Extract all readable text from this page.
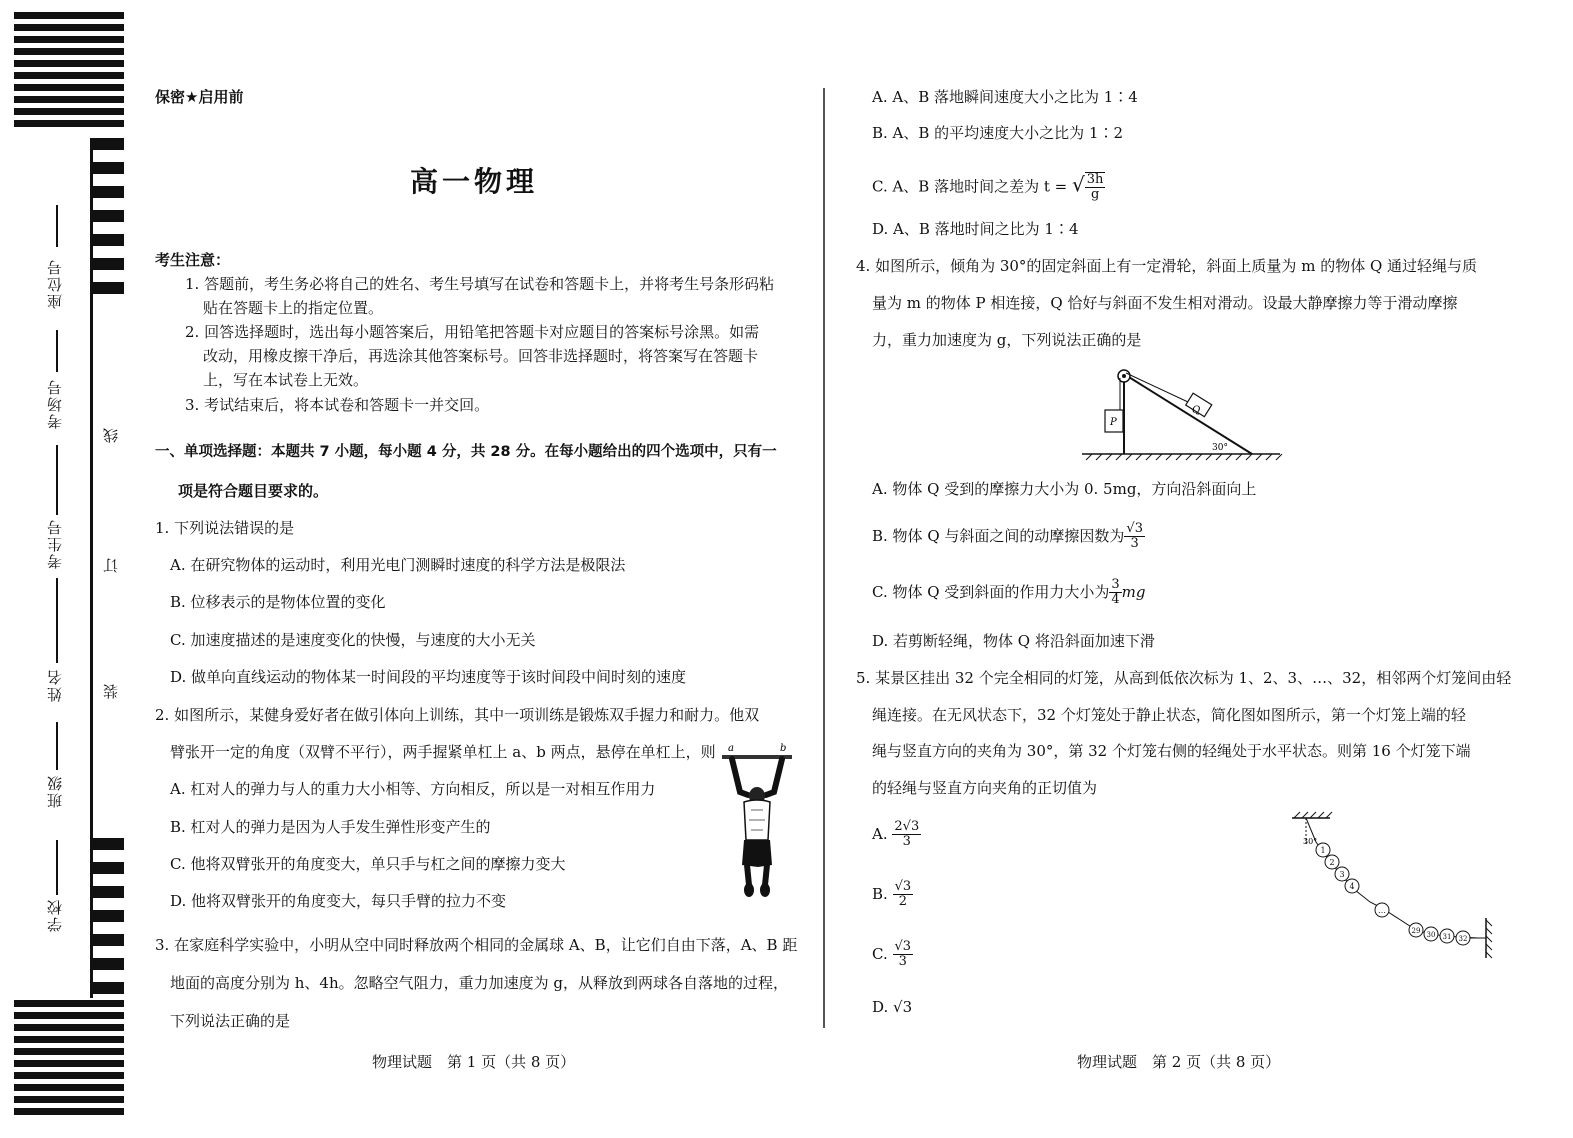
座位号
考场号
考生号
姓名
班级
学校
线
订
装
保密★启用前
高一物理
考生注意：
1. 答题前，考生务必将自己的姓名、考生号填写在试卷和答题卡上，并将考生号条形码粘
贴在答题卡上的指定位置。
2. 回答选择题时，选出每小题答案后，用铅笔把答题卡对应题目的答案标号涂黑。如需
改动，用橡皮擦干净后，再选涂其他答案标号。回答非选择题时，将答案写在答题卡
上，写在本试卷上无效。
3. 考试结束后，将本试卷和答题卡一并交回。
一、单项选择题：本题共 7 小题，每小题 4 分，共 28 分。在每小题给出的四个选项中，只有一
项是符合题目要求的。
1. 下列说法错误的是
A. 在研究物体的运动时，利用光电门测瞬时速度的科学方法是极限法
B. 位移表示的是物体位置的变化
C. 加速度描述的是速度变化的快慢，与速度的大小无关
D. 做单向直线运动的物体某一时间段的平均速度等于该时间段中间时刻的速度
2. 如图所示，某健身爱好者在做引体向上训练，其中一项训练是锻炼双手握力和耐力。他双
臂张开一定的角度（双臂不平行），两手握紧单杠上 a、b 两点，悬停在单杠上，则
A. 杠对人的弹力与人的重力大小相等、方向相反，所以是一对相互作用力
B. 杠对人的弹力是因为人手发生弹性形变产生的
C. 他将双臂张开的角度变大，单只手与杠之间的摩擦力变大
D. 他将双臂张开的角度变大，每只手臂的拉力不变
a	b
3. 在家庭科学实验中，小明从空中同时释放两个相同的金属球 A、B，让它们自由下落，A、B 距
地面的高度分别为 h、4h。忽略空气阻力，重力加速度为 g，从释放到两球各自落地的过程，
下列说法正确的是
物理试题　第 1 页（共 8 页）
A. A、B 落地瞬间速度大小之比为 1∶4
B. A、B 的平均速度大小之比为 1∶2
C. A、B 落地时间之差为 t = √ $\frac{3h}{g}$
D. A、B 落地时间之比为 1∶4
4. 如图所示，倾角为 30°的固定斜面上有一定滑轮，斜面上质量为 m 的物体 Q 通过轻绳与质
量为 m 的物体 P 相连接，Q 恰好与斜面不发生相对滑动。设最大静摩擦力等于滑动摩擦
力，重力加速度为 g，下列说法正确的是
P
Q
30°
A. 物体 Q 受到的摩擦力大小为 0. 5mg，方向沿斜面向上
B. 物体 Q 与斜面之间的动摩擦因数为 $\frac{√3}{3}$
C. 物体 Q 受到斜面的作用力大小为 $\frac{3}{4}$ mg
D. 若剪断轻绳，物体 Q 将沿斜面加速下滑
5. 某景区挂出 32 个完全相同的灯笼，从高到低依次标为 1、2、3、…、32，相邻两个灯笼间由轻
绳连接。在无风状态下，32 个灯笼处于静止状态，简化图如图所示，第一个灯笼上端的轻
绳与竖直方向的夹角为 30°，第 32 个灯笼右侧的轻绳处于水平状态。则第 16 个灯笼下端
的轻绳与竖直方向夹角的正切值为
A. $\frac{2√3}{3}$
B. $\frac{√3}{2}$
C. $\frac{√3}{3}$
D. √3
30°
1
2
3
4
…
29 30 31 32
物理试题　第 2 页（共 8 页）
